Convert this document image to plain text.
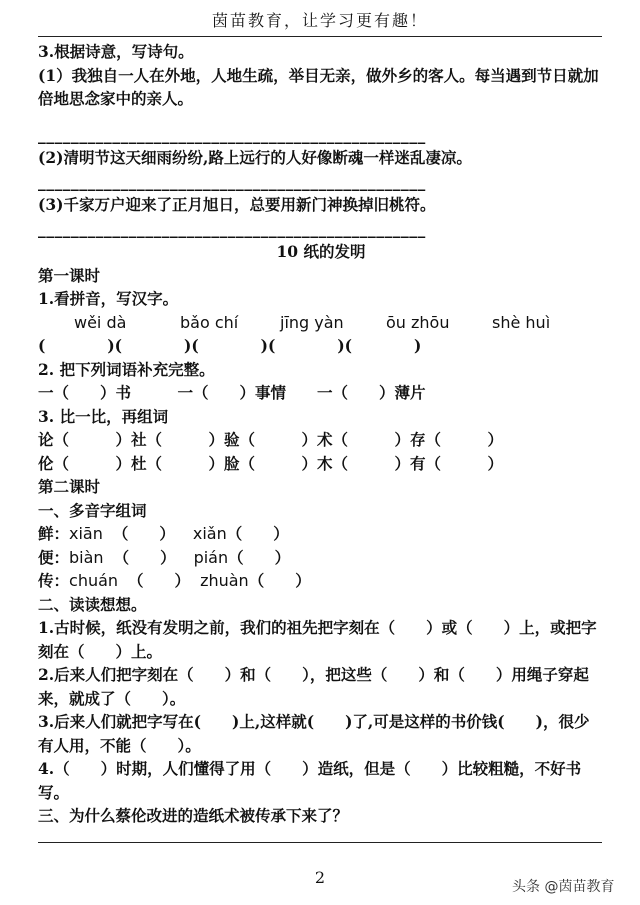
茵苗教育，让学习更有趣！
3.根据诗意，写诗句。
(1）我独自一人在外地，人地生疏，举目无亲，做外乡的客人。每当遇到节日就加倍地思念家中的亲人。
_______________________________________________
(2)清明节这天细雨纷纷,路上远行的人好像断魂一样迷乱凄凉。
_______________________________________________
(3)千家万户迎来了正月旭日，总要用新门神换掉旧桃符。
_______________________________________________
10 纸的发明
第一课时
1.看拼音，写汉字。
wěi dà	bǎo chí	jīng yàn	ōu zhōu	shè huì
(　　　　)(　　　　)(　　　　)(　　　　)(　　　　)
2. 把下列词语补充完整。
一（　　）书　　　一（　　）事情　　一（　　）薄片
3. 比一比，再组词
论（　　　）社（　　　）验（　　　）术（　　　）存（　　　）
伦（　　　）杜（　　　）脸（　　　）木（　　　）有（　　　）
第二课时
一、多音字组词
鲜：xiān （　　） xiǎn（　　）
便：biàn （　　） pián（　　）
传：chuán （　　） zhuàn（　　）
二、读读想想。
1.古时候，纸没有发明之前，我们的祖先把字刻在（　　）或（　　）上，或把字刻在（　　）上。
2.后来人们把字刻在（　　）和（　　），把这些（　　）和（　　）用绳子穿起来，就成了（　　）。
3.后来人们就把字写在(　　)上,这样就(　　)了,可是这样的书价钱(　　)，很少有人用，不能（　　）。
4.（　　）时期，人们懂得了用（　　）造纸，但是（　　）比较粗糙，不好书写。
三、为什么蔡伦改进的造纸术被传承下来了？
2	头条 @茵苗教育
